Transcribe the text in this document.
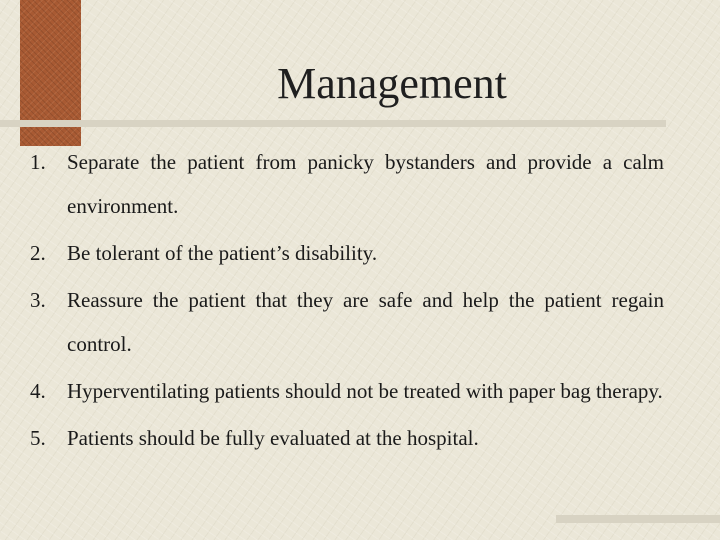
Management
1.	Separate the patient from panicky bystanders and provide a calm environment.
2.	Be tolerant of the patient’s disability.
3.	Reassure the patient that they are safe and help the patient regain control.
4.	Hyperventilating patients should not be treated with paper bag therapy.
5.	Patients should be fully evaluated at the hospital.
